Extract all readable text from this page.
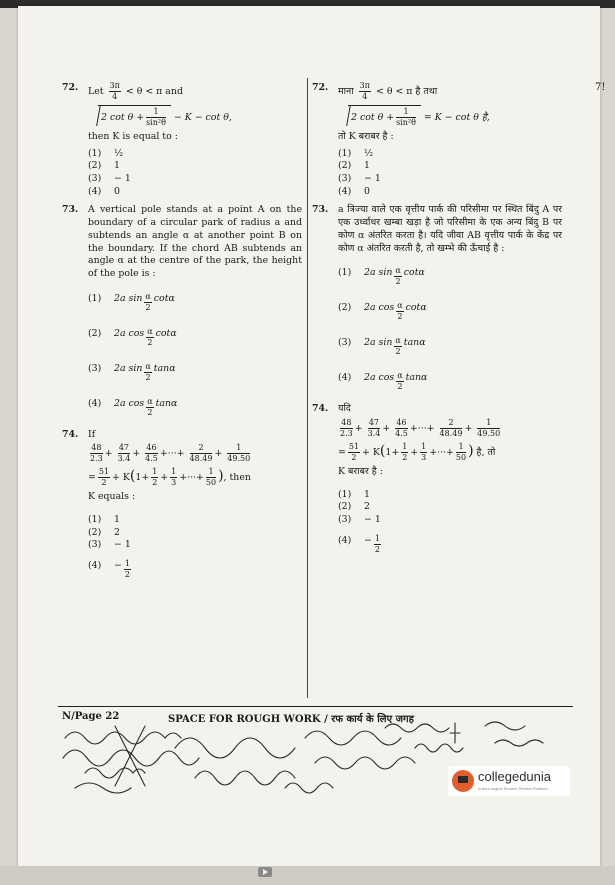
7!
72. Let $\frac{3\pi}{4} < \theta < \pi$ and
2 $\cot \theta + \frac{1}{\text{sin²θ}} - K - \cot \theta$,
then K is equal to :
(1)	½
(2)	1
(3)	− 1
(4)	0
73. A vertical pole stands at a point A on the boundary of a circular park of radius a and subtends an angle α at another point B on the boundary. If the chord AB subtends an angle α at the centre of the park, the height of the pole is :
(1)	2a $\sin \frac{\alpha}{2}$ cotα
(2)	2a $\cos \frac{\alpha}{2}$ cotα
(3)	2a $\sin \frac{\alpha}{2}$ tanα
(4)	2a $\cos \frac{\alpha}{2}$ tanα
74. If
$\frac{48}{2.3} + \frac{47}{3.4} + \frac{46}{4.5}$ +···+ $\frac{2}{48.49} + \frac{1}{49.50}$
= $\frac{51}{2} + K(1+ \frac{1}{2} + \frac{1}{3}$ +···+ $\frac{1}{50}$ ), then
K equals :
(1)	1
(2)	2
(3)	− 1
(4)	− $\frac{1}{2}$
72. माना $\frac{3\pi}{4} < \theta < \pi$ है तथा
2 $\cot \theta + \frac{1}{\text{sin²θ}} = K - \cot \theta$ है,
तो K बराबर है :
(1)	½
(2)	1
(3)	− 1
(4)	0
73. a त्रिज्या वाले एक वृत्तीय पार्क की परिसीमा पर स्थित बिंदु A पर एक उर्ध्वाधर खम्बा खड़ा है जो परिसीमा के एक अन्य बिंदु B पर कोण α अंतरित करता है। यदि जीवा AB वृत्तीय पार्क के केंद्र पर कोण α अंतरित करती है, तो खम्भे की ऊँचाई है :
(1)	2a $\sin \frac{\alpha}{2}$ cotα
(2)	2a $\cos \frac{\alpha}{2}$ cotα
(3)	2a $\sin \frac{\alpha}{2}$ tanα
(4)	2a $\cos \frac{\alpha}{2}$ tanα
74. यदि
$\frac{48}{2.3} + \frac{47}{3.4} + \frac{46}{4.5}$ +···+ $\frac{2}{48.49} + \frac{1}{49.50}$
= $\frac{51}{2} + K(1+ \frac{1}{2} + \frac{1}{3}$ +···+ $\frac{1}{50}$ ) है, तो
K बराबर है :
(1)	1
(2)	2
(3)	− 1
(4)	− $\frac{1}{2}$
N/Page 22	SPACE FOR ROUGH WORK / रफ कार्य के लिए जगह
collegedunia
India's largest Student Review Platform
